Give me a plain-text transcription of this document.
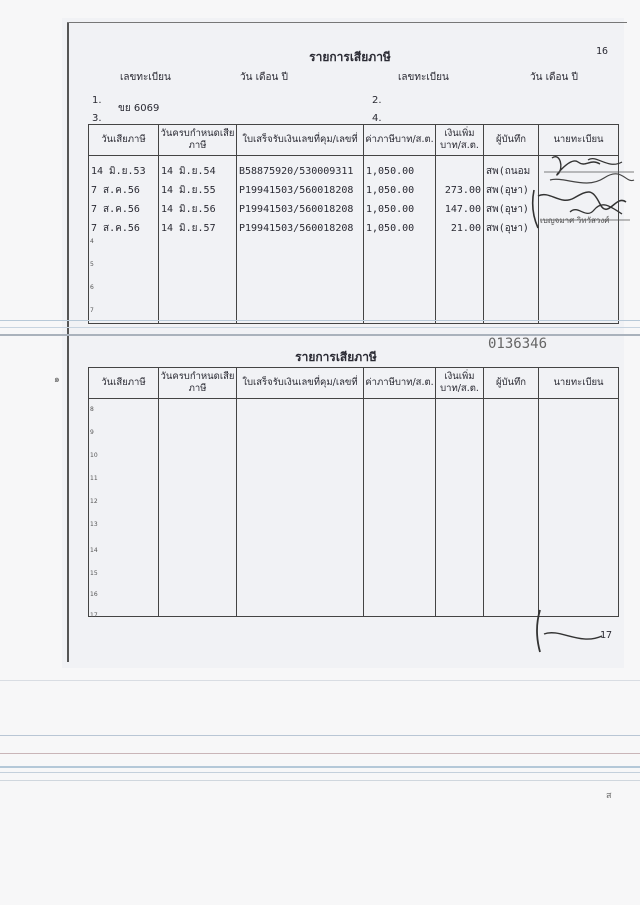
รายการเสียภาษี	16
เลขทะเบียน	วัน เดือน ปี	เลขทะเบียน	วัน เดือน ปี
1.
ขย 6069
2.
3.	4.
วันเสียภาษี	วันครบกำหนดเสียภาษี	ใบเสร็จรับเงินเลขที่คุม/เลขที่	ค่าภาษีบาท/ส.ต.	เงินเพิ่มบาท/ส.ต.	ผู้บันทึก	นายทะเบียน
14 มิ.ย.53	14 มิ.ย.54	B58875920/530009311	1,050.00		สพ(ถนอม	
7 ส.ค.56	14 มิ.ย.55	P19941503/560018208	1,050.00	273.00	สพ(อุษา)	
7 ส.ค.56	14 มิ.ย.56	P19941503/560018208	1,050.00	147.00	สพ(อุษา)	
7 ส.ค.56	14 มิ.ย.57	P19941503/560018208	1,050.00	21.00	สพ(อุษา)	

4
5
6
7
เบญจมาศ วิทวัสวงศ์
0136346
รายการเสียภาษี
วันเสียภาษี	วันครบกำหนดเสียภาษี	ใบเสร็จรับเงินเลขที่คุม/เลขที่	ค่าภาษีบาท/ส.ต.	เงินเพิ่มบาท/ส.ต.	ผู้บันทึก	นายทะเบียน

8
9
10
11
12
13
14
15
16
17
17
๑
ส
